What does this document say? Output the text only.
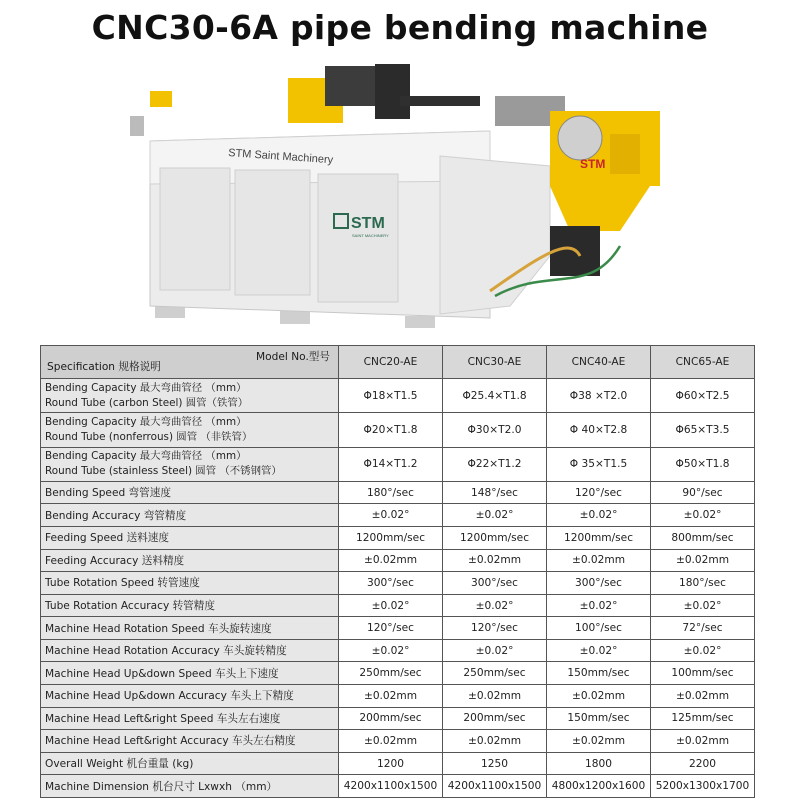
CNC30-6A pipe bending machine
STM Saint Machinery
STM
SAINT MACHINERY
STM
Model No.型号
Specification 规格说明	CNC20-AE	CNC30-AE	CNC40-AE	CNC65-AE

Bending Capacity 最大弯曲管径 （mm）
Round Tube (carbon Steel) 圆管（铁管）	Φ18×T1.5	Φ25.4×T1.8	Φ38 ×T2.0	Φ60×T2.5

Bending Capacity 最大弯曲管径 （mm）
Round Tube (nonferrous) 圆管 （非铁管）	Φ20×T1.8	Φ30×T2.0	Φ 40×T2.8	Φ65×T3.5

Bending Capacity 最大弯曲管径 （mm）
Round Tube (stainless Steel) 圆管 （不锈钢管）	Φ14×T1.2	Φ22×T1.2	Φ 35×T1.5	Φ50×T1.8
Bending Speed 弯管速度	180°/sec	148°/sec	120°/sec	90°/sec
Bending Accuracy 弯管精度	±0.02°	±0.02°	±0.02°	±0.02°
Feeding Speed 送料速度	1200mm/sec	1200mm/sec	1200mm/sec	800mm/sec
Feeding Accuracy 送料精度	±0.02mm	±0.02mm	±0.02mm	±0.02mm
Tube Rotation Speed 转管速度	300°/sec	300°/sec	300°/sec	180°/sec
Tube Rotation Accuracy 转管精度	±0.02°	±0.02°	±0.02°	±0.02°
Machine Head Rotation Speed 车头旋转速度	120°/sec	120°/sec	100°/sec	72°/sec
Machine Head Rotation Accuracy 车头旋转精度	±0.02°	±0.02°	±0.02°	±0.02°
Machine Head Up&down Speed 车头上下速度	250mm/sec	250mm/sec	150mm/sec	100mm/sec
Machine Head Up&down Accuracy 车头上下精度	±0.02mm	±0.02mm	±0.02mm	±0.02mm
Machine Head Left&right Speed 车头左右速度	200mm/sec	200mm/sec	150mm/sec	125mm/sec
Machine Head Left&right Accuracy 车头左右精度	±0.02mm	±0.02mm	±0.02mm	±0.02mm
Overall Weight 机台重量 (kg)	1200	1250	1800	2200
Machine Dimension 机台尺寸 Lxwxh （mm）	4200x1100x1500	4200x1100x1500	4800x1200x1600	5200x1300x1700
